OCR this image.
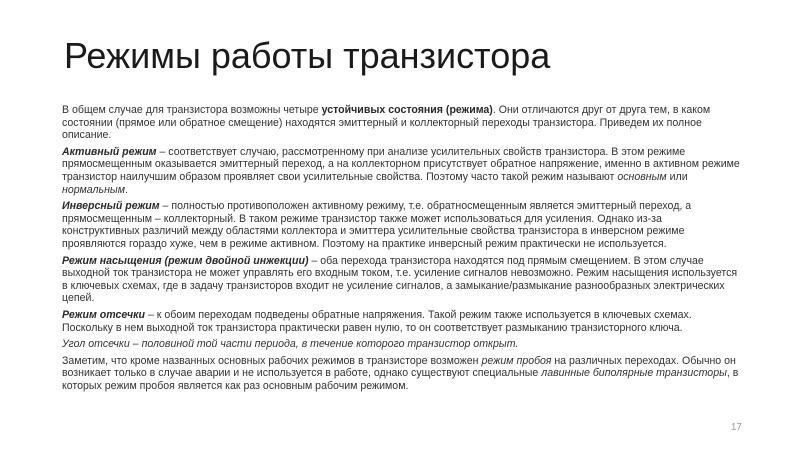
Режимы работы транзистора

В общем случае для транзистора возможны четыре устойчивых состояния (режима). Они отличаются друг от друга тем, в каком состоянии (прямое или обратное смещение) находятся эмиттерный и коллекторный переходы транзистора. Приведем их полное описание.

Активный режим – соответствует случаю, рассмотренному при анализе усилительных свойств транзистора. В этом режиме прямосмещенным оказывается эмиттерный переход, а на коллекторном присутствует обратное напряжение, именно в активном режиме транзистор наилучшим образом проявляет свои усилительные свойства. Поэтому часто такой режим называют основным или нормальным.

Инверсный режим – полностью противоположен активному режиму, т.е. обратносмещенным является эмиттерный переход, а прямосмещенным – коллекторный. В таком режиме транзистор также может использоваться для усиления. Однако из-за конструктивных различий между областями коллектора и эмиттера усилительные свойства транзистора в инверсном режиме проявляются гораздо хуже, чем в режиме активном. Поэтому на практике инверсный режим практически не используется.

Режим насыщения (режим двойной инжекции) – оба перехода транзистора находятся под прямым смещением. В этом случае выходной ток транзистора не может управлять его входным током, т.е. усиление сигналов невозможно. Режим насыщения используется в ключевых схемах, где в задачу транзисторов входит не усиление сигналов, а замыкание/размыкание разнообразных электрических цепей.

Режим отсечки – к обоим переходам подведены обратные напряжения. Такой режим также используется в ключевых схемах. Поскольку в нем выходной ток транзистора практически равен нулю, то он соответствует размыканию транзисторного ключа.

Угол отсечки – половиной той части периода, в течение которого транзистор открыт.

Заметим, что кроме названных основных рабочих режимов в транзисторе возможен режим пробоя на различных переходах. Обычно он возникает только в случае аварии и не используется в работе, однако существуют специальные лавинные биполярные транзисторы, в которых режим пробоя является как раз основным рабочим режимом.

17
